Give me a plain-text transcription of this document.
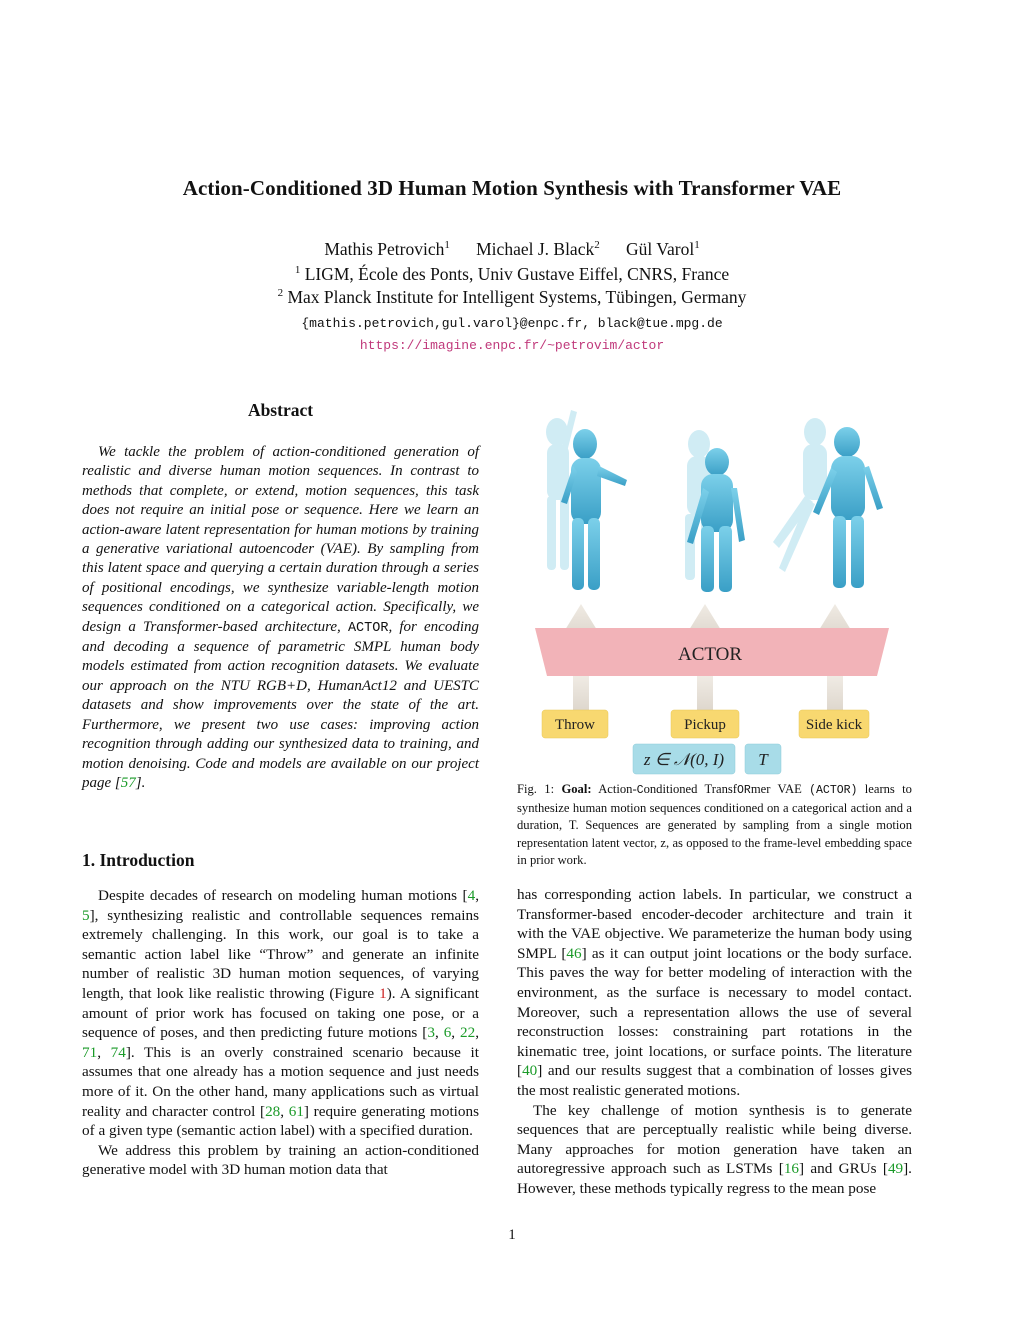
Action-Conditioned 3D Human Motion Synthesis with Transformer VAE
Mathis Petrovich$^1$ Michael J. Black$^2$ Gül Varol$^1$
$^1$ LIGM, École des Ponts, Univ Gustave Eiffel, CNRS, France
$^2$ Max Planck Institute for Intelligent Systems, Tübingen, Germany
{mathis.petrovich,gul.varol}@enpc.fr, black@tue.mpg.de
https://imagine.enpc.fr/~petrovim/actor
Abstract
We tackle the problem of action-conditioned generation of realistic and diverse human motion sequences. In contrast to methods that complete, or extend, motion sequences, this task does not require an initial pose or sequence. Here we learn an action-aware latent representation for human motions by training a generative variational autoencoder (VAE). By sampling from this latent space and querying a certain duration through a series of positional encodings, we synthesize variable-length motion sequences conditioned on a categorical action. Specifically, we design a Transformer-based architecture, ACTOR, for encoding and decoding a sequence of parametric SMPL human body models estimated from action recognition datasets. We evaluate our approach on the NTU RGB+D, HumanAct12 and UESTC datasets and show improvements over the state of the art. Furthermore, we present two use cases: improving action recognition through adding our synthesized data to training, and motion denoising. Code and models are available on our project page [57].
1. Introduction

Despite decades of research on modeling human motions [4, 5], synthesizing realistic and controllable sequences remains extremely challenging. In this work, our goal is to take a semantic action label like “Throw” and generate an infinite number of realistic 3D human motion sequences, of varying length, that look like realistic throwing (Figure 1). A significant amount of prior work has focused on taking one pose, or a sequence of poses, and then predicting future motions [3, 6, 22, 71, 74]. This is an overly constrained scenario because it assumes that one already has a motion sequence and just needs more of it. On the other hand, many applications such as virtual reality and character control [28, 61] require generating motions of a given type (semantic action label) with a specified duration.

We address this problem by training an action-conditioned generative model with 3D human motion data that

ACTOR
Throw	Pickup	Side kick
z ∈ 𝒩(0, I) T
Fig. 1: Goal: Action-Conditioned TransfORmer VAE (ACTOR) learns to synthesize human motion sequences conditioned on a categorical action and a duration, T. Sequences are generated by sampling from a single motion representation latent vector, z, as opposed to the frame-level embedding space in prior work.

has corresponding action labels. In particular, we construct a Transformer-based encoder-decoder architecture and train it with the VAE objective. We parameterize the human body using SMPL [46] as it can output joint locations or the body surface. This paves the way for better modeling of interaction with the environment, as the surface is necessary to model contact. Moreover, such a representation allows the use of several reconstruction losses: constraining part rotations in the kinematic tree, joint locations, or surface points. The literature [40] and our results suggest that a combination of losses gives the most realistic generated motions.

The key challenge of motion synthesis is to generate sequences that are perceptually realistic while being diverse. Many approaches for motion generation have taken an autoregressive approach such as LSTMs [16] and GRUs [49]. However, these methods typically regress to the mean pose

1
